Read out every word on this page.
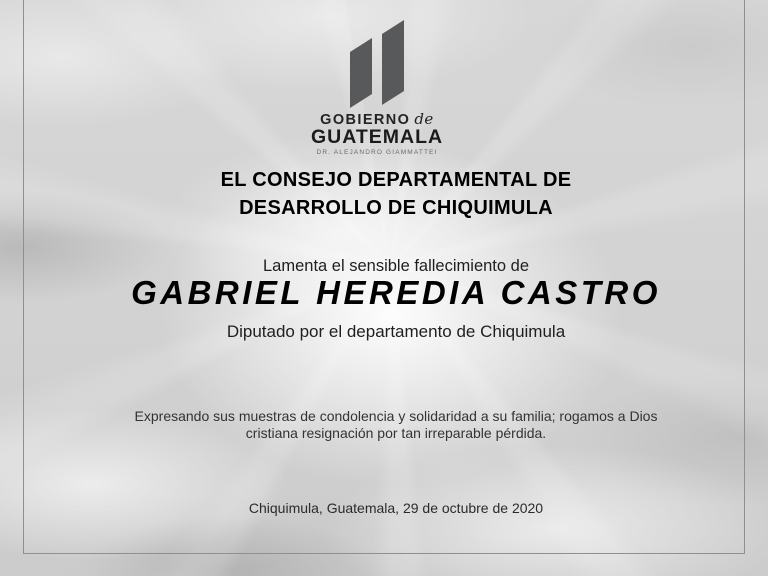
GOBIERNO de
GUATEMALA
DR. ALEJANDRO GIAMMATTEI
EL CONSEJO DEPARTAMENTAL DE
DESARROLLO DE CHIQUIMULA
Lamenta el sensible fallecimiento de
GABRIEL HEREDIA CASTRO
Diputado por el departamento de Chiquimula
Expresando sus muestras de condolencia y solidaridad a su familia; rogamos a Dios
cristiana resignación por tan irreparable pérdida.
Chiquimula, Guatemala, 29 de octubre de 2020
